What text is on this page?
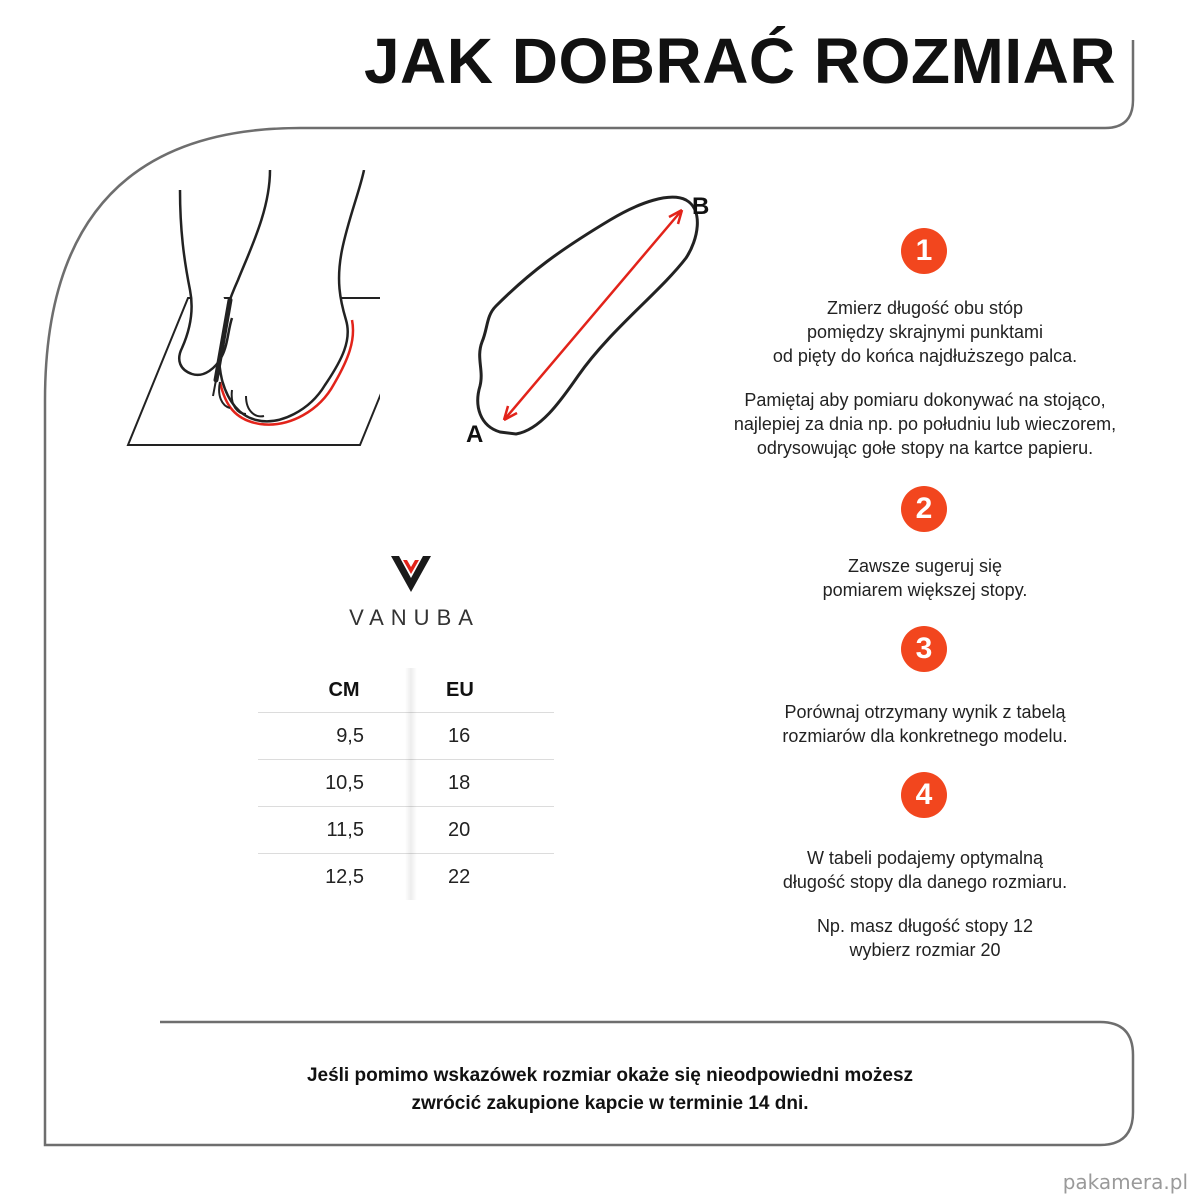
JAK DOBRAĆ ROZMIAR
A
B
1

Zmierz długość obu stóp

pomiędzy skrajnymi punktami

od pięty do końca najdłuższego palca.

Pamiętaj aby pomiaru dokonywać na stojąco,

najlepiej za dnia np. po południu lub wieczorem,

odrysowując gołe stopy na kartce papieru.

2

Zawsze sugeruj się

pomiarem większej stopy.

3

Porównaj otrzymany wynik z tabelą

rozmiarów dla konkretnego modelu.

4

W tabeli podajemy optymalną

długość stopy dla danego rozmiaru.

Np. masz długość stopy 12

wybierz rozmiar 20

VANUBA
CM	EU
9,5	16
10,5	18
11,5	20
12,5	22

Jeśli pomimo wskazówek rozmiar okaże się nieodpowiedni możesz

zwrócić zakupione kapcie w terminie 14 dni.

pakamera.pl
